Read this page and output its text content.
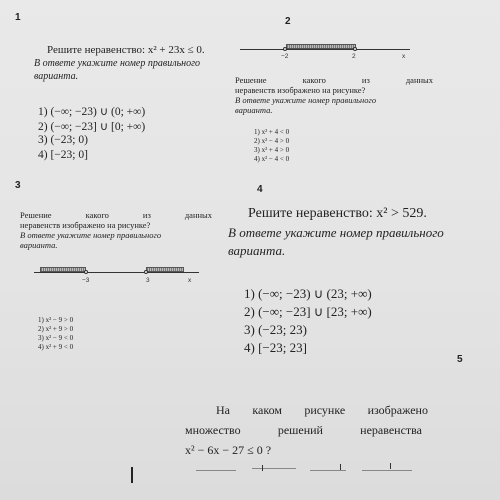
1	2
3	4
5
Решите неравенство: x² + 23x ≤ 0.
В ответе укажите номер правильного
варианта.
1) (−∞; −23) ∪ (0; +∞)
2) (−∞; −23] ∪ [0; +∞)
3) (−23; 0)
4) [−23; 0]
−2	2	x
Решение	какого	из	данных
неравенств изображено на рисунке?
В ответе укажите номер правильного
варианта.
1) x² + 4 < 0
2) x² − 4 > 0
3) x² + 4 > 0
4) x² − 4 < 0
Решение	какого	из	данных
неравенств изображено на рисунке?
В ответе укажите номер правильного
варианта.
−3	3	x
1) x² − 9 > 0
2) x² + 9 > 0
3) x² − 9 < 0
4) x² + 9 < 0
Решите неравенство: x² > 529.
В ответе укажите номер правильного
варианта.
1) (−∞; −23) ∪ (23; +∞)
2) (−∞; −23] ∪ [23; +∞)
3) (−23; 23)
4) [−23; 23]
На каком рисунке изображено
множество	решений	неравенства
x² − 6x − 27 ≤ 0 ?
